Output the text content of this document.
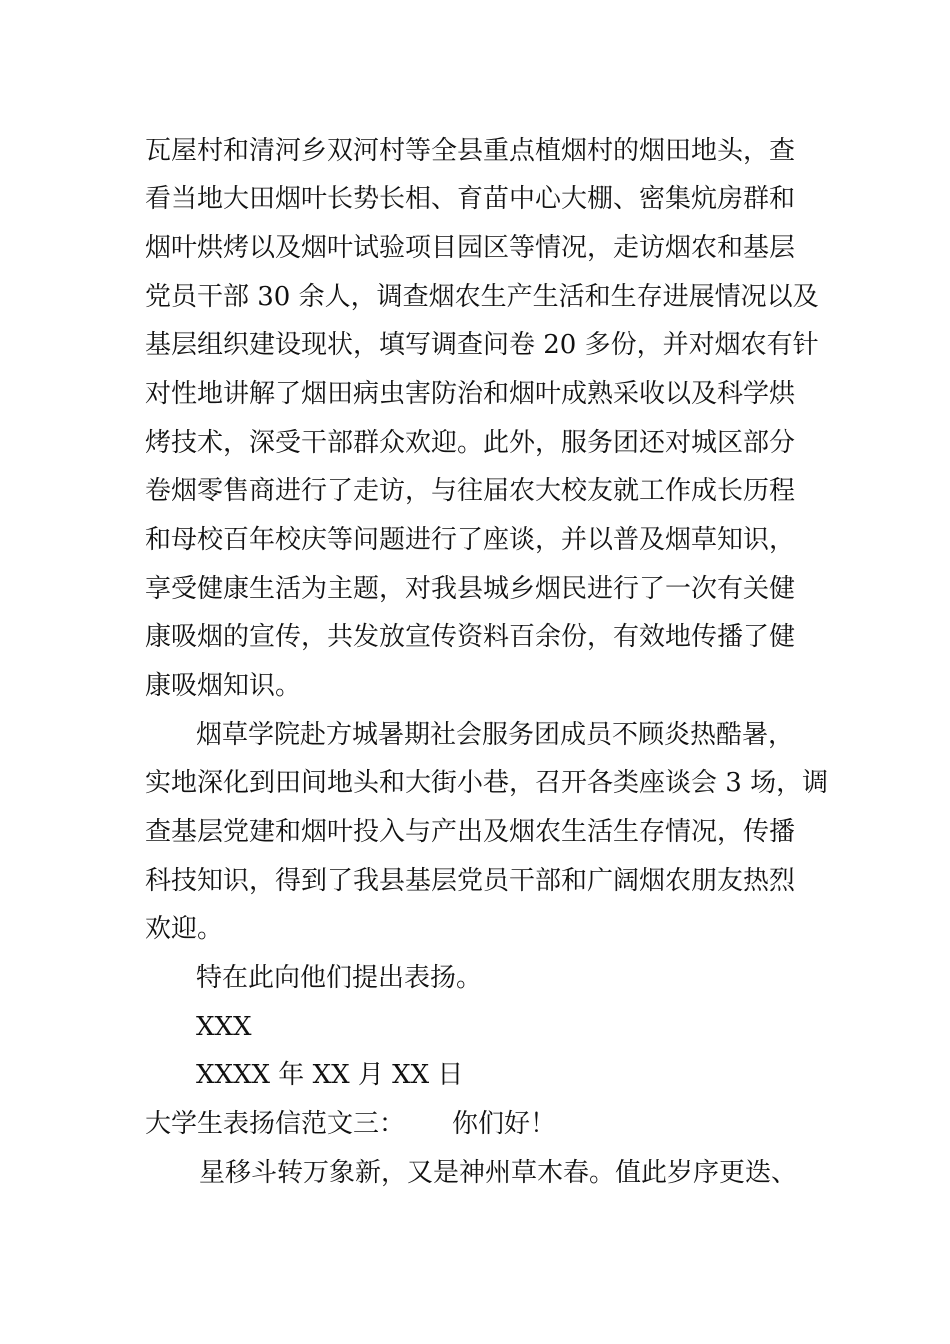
瓦屋村和清河乡双河村等全县重点植烟村的烟田地头，查
看当地大田烟叶长势长相、育苗中心大棚、密集炕房群和
烟叶烘烤以及烟叶试验项目园区等情况，走访烟农和基层
党员干部 30 余人，调查烟农生产生活和生存进展情况以及
基层组织建设现状，填写调查问卷 20 多份，并对烟农有针
对性地讲解了烟田病虫害防治和烟叶成熟采收以及科学烘
烤技术，深受干部群众欢迎。此外，服务团还对城区部分
卷烟零售商进行了走访，与往届农大校友就工作成长历程
和母校百年校庆等问题进行了座谈，并以普及烟草知识，
享受健康生活为主题，对我县城乡烟民进行了一次有关健
康吸烟的宣传，共发放宣传资料百余份，有效地传播了健
康吸烟知识。
烟草学院赴方城暑期社会服务团成员不顾炎热酷暑，
实地深化到田间地头和大街小巷，召开各类座谈会 3 场，调
查基层党建和烟叶投入与产出及烟农生活生存情况，传播
科技知识，得到了我县基层党员干部和广阔烟农朋友热烈
欢迎。
特在此向他们提出表扬。
XXX
XXXX 年 XX 月 XX 日
大学生表扬信范文三： 你们好！
星移斗转万象新，又是神州草木春。值此岁序更迭、
